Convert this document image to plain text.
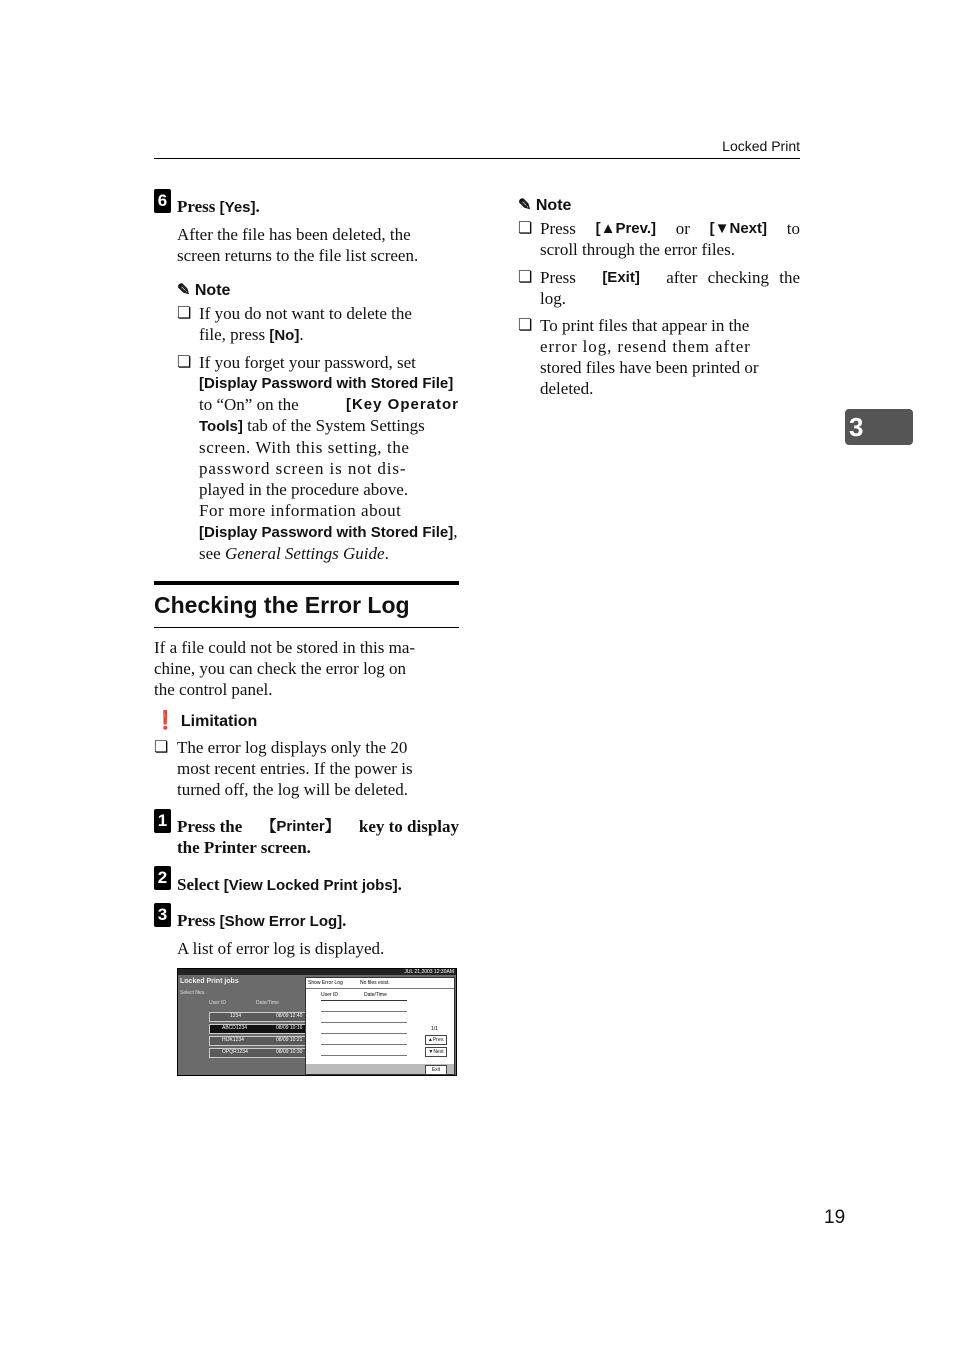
Locked Print
3
19
6 Press [Yes].
After the file has been deleted, the
screen returns to the file list screen.
✎ Note
❏ If you do not want to delete the
file, press [No].
❏ If you forget your password, set
[Display Password with Stored File]
to “On” on the	[Key Operator
Tools] tab of the System Settings
screen. With this setting, the
password screen is not dis-
played in the procedure above.
For more information about
[Display Password with Stored File],
see General Settings Guide.
Checking the Error Log
If a file could not be stored in this ma-
chine, you can check the error log on
the control panel.
❗ Limitation
❏ The error log displays only the 20
most recent entries. If the power is
turned off, the log will be deleted.
1 Press the 【Printer】 key to display
the Printer screen.
2 Select [View Locked Print jobs].
3 Press [Show Error Log].
A list of error log is displayed.
JUL 21,2003 12:30AM
Locked Print jobs
Select files.
User ID	Date/Time
1234	08/09 12:40
ABCD1234	08/09 10:16
HIJK1234	08/09 10:21
OPQR1234	08/09 10:30
Show Error Log	No files exist.
User ID	Date/Time
1/1
▲Prev.
▼Next
Exit
✎ Note
❏ Press [▲Prev.] or [▼Next] to
scroll through the error files.
❏ Press [Exit] after checking the
log.
❏ To print files that appear in the
error log, resend them after
stored files have been printed or
deleted.
